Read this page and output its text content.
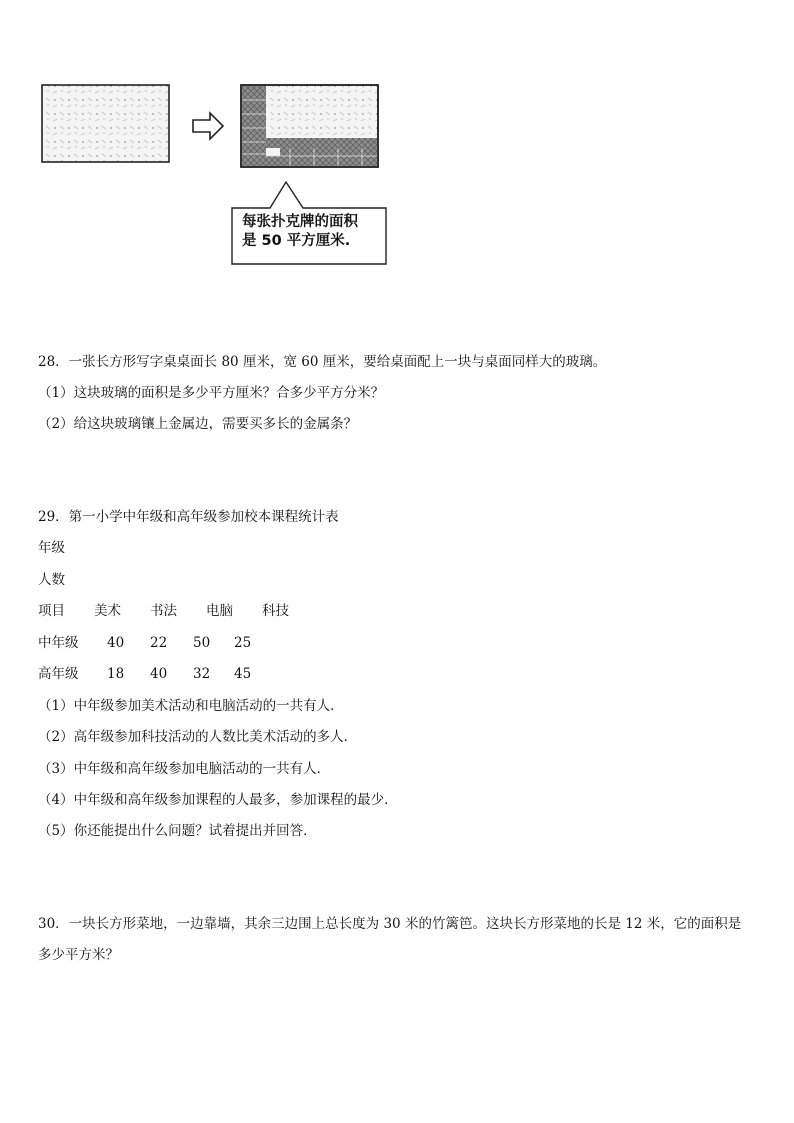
每张扑克牌的面积
是 50 平方厘米.
28．一张长方形写字桌桌面长 80 厘米，宽 60 厘米，要给桌面配上一块与桌面同样大的玻璃。
（1）这块玻璃的面积是多少平方厘米？合多少平方分米？
（2）给这块玻璃镶上金属边，需要买多长的金属条？
29．第一小学中年级和高年级参加校本课程统计表
年级
人数
项目 美术 书法 电脑 科技
中年级 40 22 50 25
高年级 18 40 32 45
（1）中年级参加美术活动和电脑活动的一共有人．
（2）高年级参加科技活动的人数比美术活动的多人．
（3）中年级和高年级参加电脑活动的一共有人．
（4）中年级和高年级参加课程的人最多，参加课程的最少．
（5）你还能提出什么问题？试着提出并回答．
30．一块长方形菜地，一边靠墙，其余三边围上总长度为 30 米的竹篱笆。这块长方形菜地的长是 12 米，它的面积是
多少平方米？
